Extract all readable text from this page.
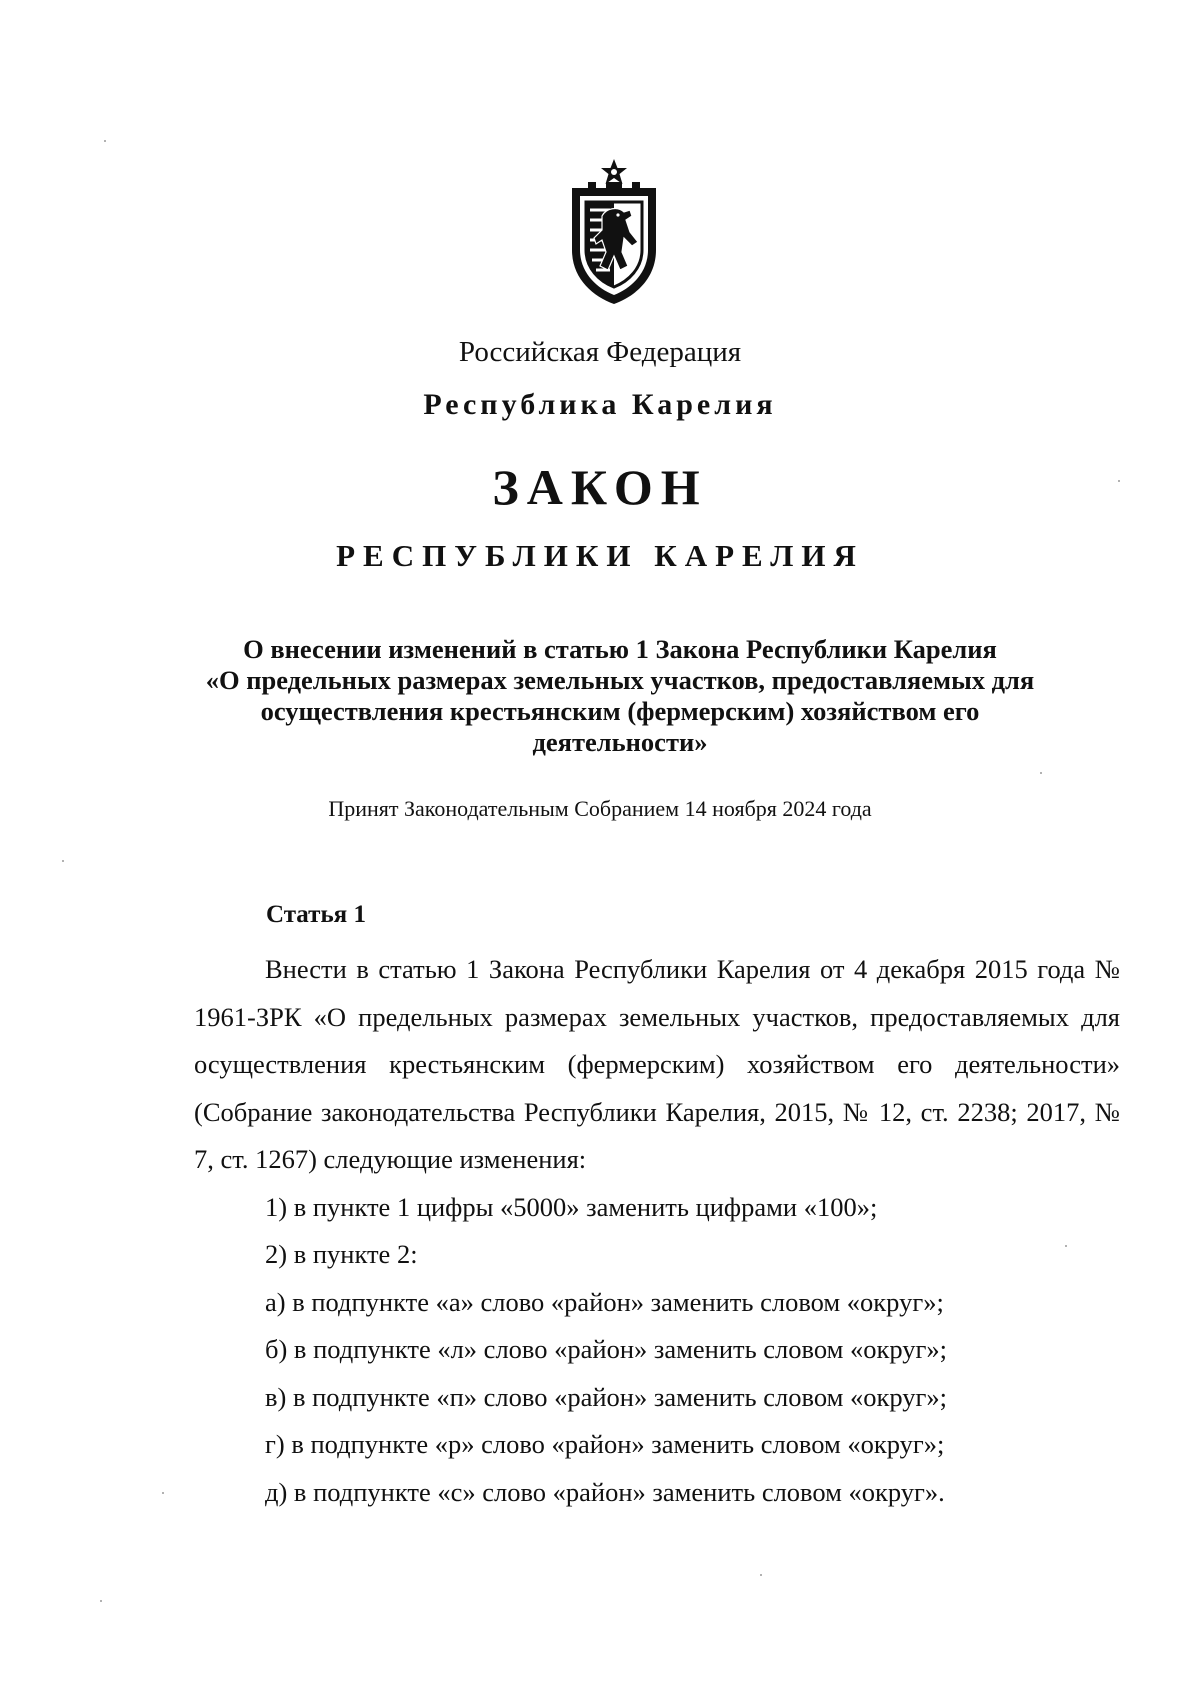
Российская Федерация
Республика Карелия
ЗАКОН
РЕСПУБЛИКИ КАРЕЛИЯ
О внесении изменений в статью 1 Закона Республики Карелия
«О предельных размерах земельных участков, предоставляемых для
осуществления крестьянским (фермерским) хозяйством его
деятельности»
Принят Законодательным Собранием 14 ноября 2024 года
Статья 1

Внести в статью 1 Закона Республики Карелия от 4 декабря 2015 года № 1961-ЗРК «О предельных размерах земельных участков, предоставляемых для осуществления крестьянским (фермерским) хозяйством его деятельности» (Собрание законодательства Республики Карелия, 2015, № 12, ст. 2238; 2017, № 7, ст. 1267) следующие изменения:

1) в пункте 1 цифры «5000» заменить цифрами «100»;

2) в пункте 2:

а) в подпункте «а» слово «район» заменить словом «округ»;

б) в подпункте «л» слово «район» заменить словом «округ»;

в) в подпункте «п» слово «район» заменить словом «округ»;

г) в подпункте «р» слово «район» заменить словом «округ»;

д) в подпункте «с» слово «район» заменить словом «округ».
